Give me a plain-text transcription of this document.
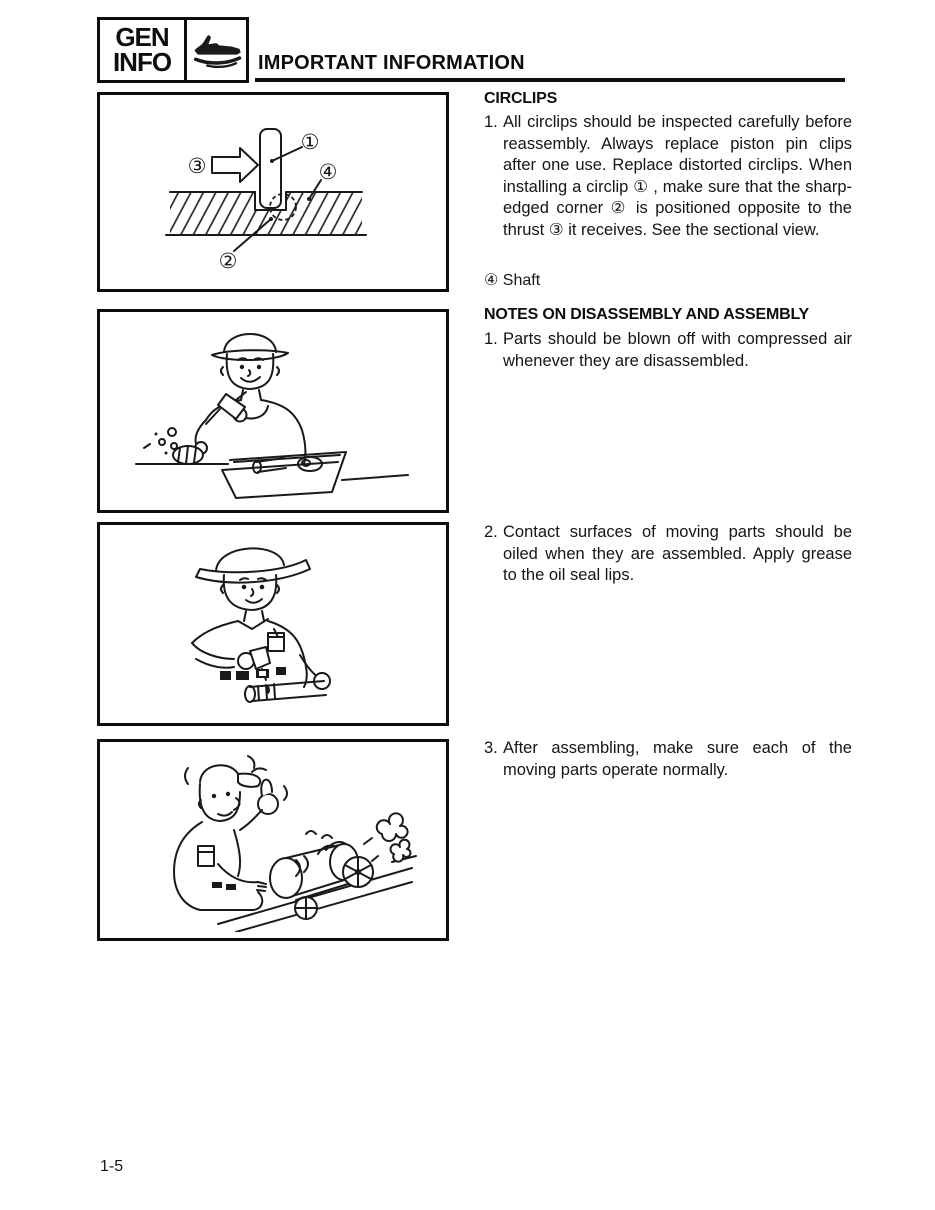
GEN
INFO	IMPORTANT INFORMATION
①
②
③	④
CIRCLIPS
1. All circlips should be inspected carefully before reassembly. Always replace piston pin clips after one use. Replace distorted circlips. When installing a circlip ① , make sure that the sharp-edged corner ② is positioned opposite to the thrust ③ it receives. See the sectional view.
④ Shaft
NOTES ON DISASSEMBLY AND ASSEMBLY
1. Parts should be blown off with compressed air whenever they are disassembled.
2. Contact surfaces of moving parts should be oiled when they are assembled. Apply grease to the oil seal lips.
3. After assembling, make sure each of the moving parts operate normally.
1-5
